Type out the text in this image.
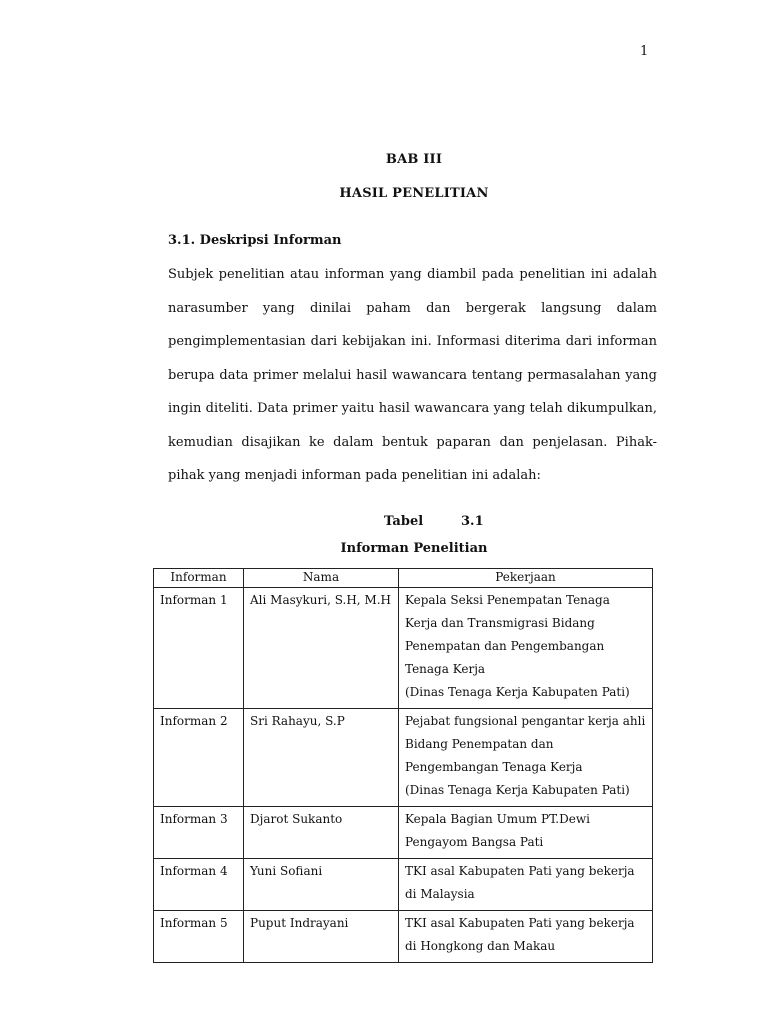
1
BAB III
HASIL PENELITIAN
3.1. Deskripsi Informan

Subjek penelitian atau informan yang diambil pada penelitian ini adalah narasumber yang dinilai paham dan bergerak langsung dalam pengimplementasian dari kebijakan ini. Informasi diterima dari informan berupa data primer melalui hasil wawancara tentang permasalahan yang ingin diteliti. Data primer yaitu hasil wawancara yang telah dikumpulkan, kemudian disajikan ke dalam bentuk paparan dan penjelasan. Pihak-pihak yang menjadi informan pada penelitian ini adalah:

Tabel	3.1
Informan Penelitian
Informan	Nama	Pekerjaan
Informan 1	Ali Masykuri, S.H, M.H	Kepala Seksi Penempatan Tenaga Kerja dan Transmigrasi Bidang Penempatan dan Pengembangan Tenaga Kerja
(Dinas Tenaga Kerja Kabupaten Pati)
Informan 2	Sri Rahayu, S.P	Pejabat fungsional pengantar kerja ahli Bidang Penempatan dan Pengembangan Tenaga Kerja
(Dinas Tenaga Kerja Kabupaten Pati)
Informan 3	Djarot Sukanto	Kepala Bagian Umum PT.Dewi Pengayom Bangsa Pati
Informan 4	Yuni Sofiani	TKI asal Kabupaten Pati yang bekerja di Malaysia
Informan 5	Puput Indrayani	TKI asal Kabupaten Pati yang bekerja di Hongkong dan Makau
